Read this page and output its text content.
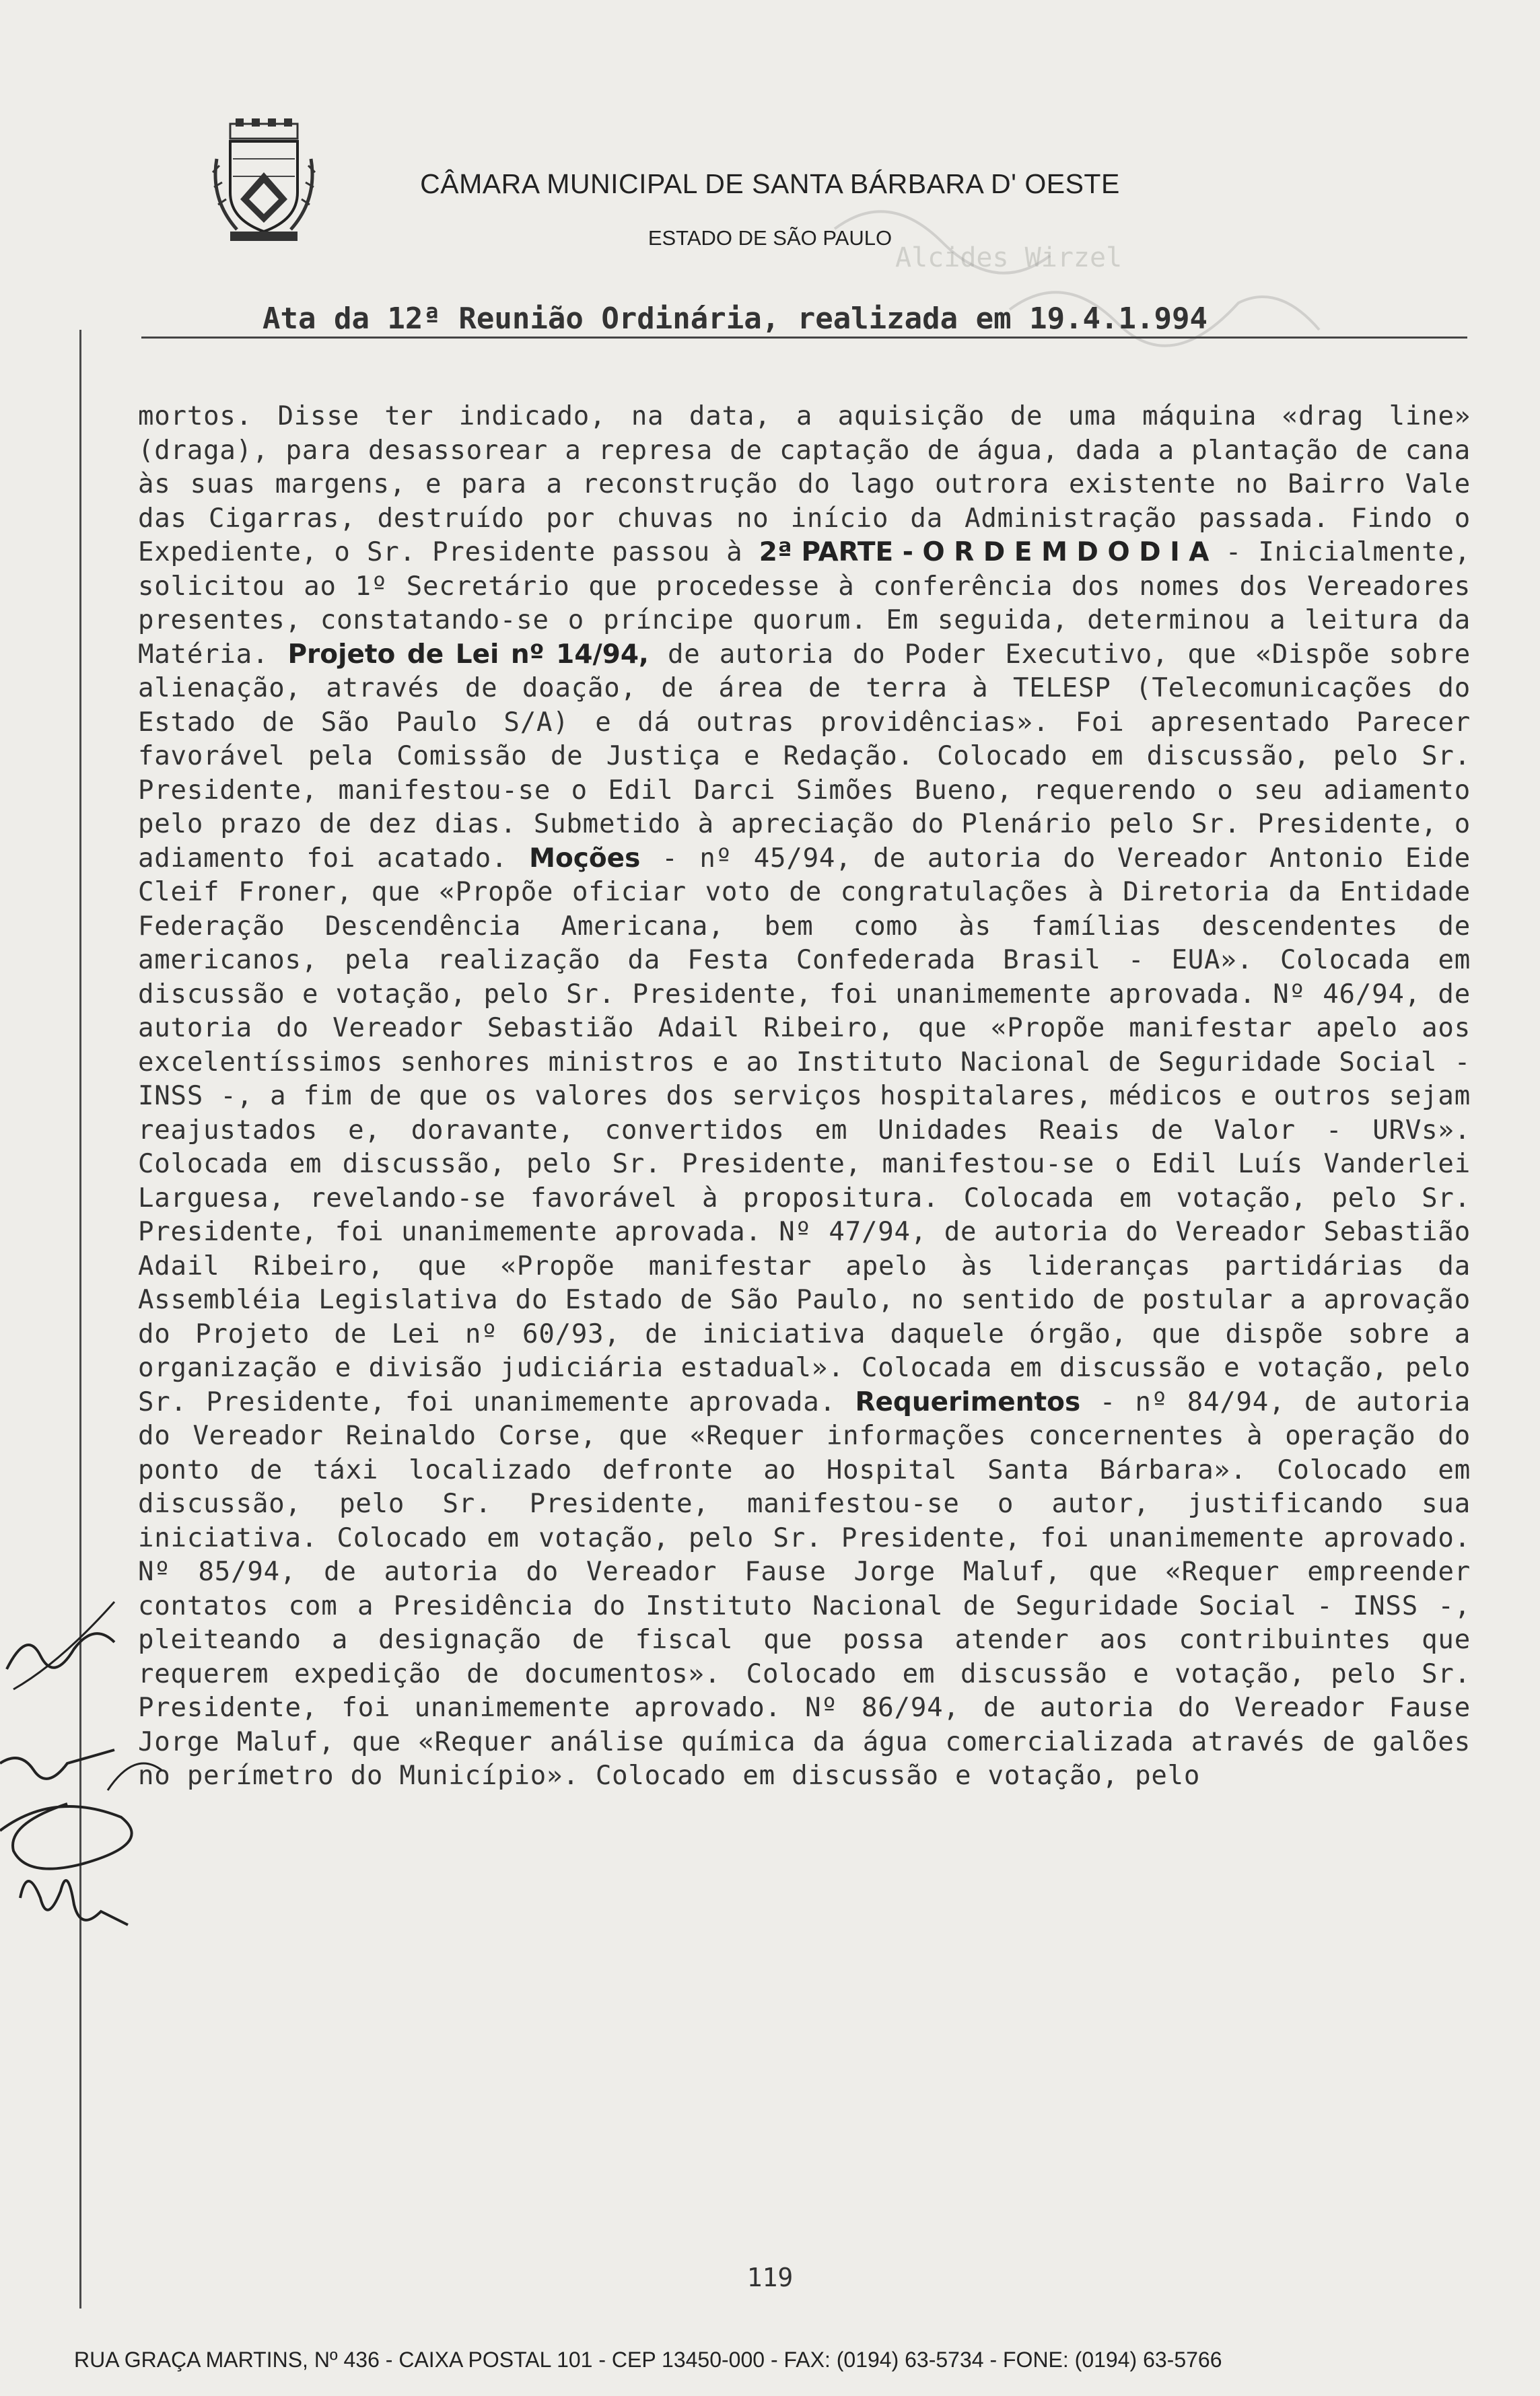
Alcides Wirzel
CÂMARA MUNICIPAL DE SANTA BÁRBARA D' OESTE
ESTADO DE SÃO PAULO
Ata da 12ª Reunião Ordinária, realizada em 19.4.1.994
mortos. Disse ter indicado, na data, a aquisição de uma máquina «drag line» (draga), para desassorear a represa de captação de água, dada a plantação de cana às suas margens, e para a reconstrução do lago outrora existente no Bairro Vale das Cigarras, destruído por chuvas no início da Administração passada. Findo o Expediente, o Sr. Presidente passou à 2ª PARTE - O R D E M D O D I A - Inicialmente, solicitou ao 1º Secretário que procedesse à conferência dos nomes dos Vereadores presentes, constatando-se o príncipe quorum. Em seguida, determinou a leitura da Matéria. Projeto de Lei nº 14/94, de autoria do Poder Executivo, que «Dispõe sobre alienação, através de doação, de área de terra à TELESP (Telecomunicações do Estado de São Paulo S/A) e dá outras providências». Foi apresentado Parecer favorável pela Comissão de Justiça e Redação. Colocado em discussão, pelo Sr. Presidente, manifestou-se o Edil Darci Simões Bueno, requerendo o seu adiamento pelo prazo de dez dias. Submetido à apreciação do Plenário pelo Sr. Presidente, o adiamento foi acatado. Moções - nº 45/94, de autoria do Vereador Antonio Eide Cleif Froner, que «Propõe oficiar voto de congratulações à Diretoria da Entidade Federação Descendência Americana, bem como às famílias descendentes de americanos, pela realização da Festa Confederada Brasil - EUA». Colocada em discussão e votação, pelo Sr. Presidente, foi unanimemente aprovada. Nº 46/94, de autoria do Vereador Sebastião Adail Ribeiro, que «Propõe manifestar apelo aos excelentíssimos senhores ministros e ao Instituto Nacional de Seguridade Social - INSS -, a fim de que os valores dos serviços hospitalares, médicos e outros sejam reajustados e, doravante, convertidos em Unidades Reais de Valor - URVs». Colocada em discussão, pelo Sr. Presidente, manifestou-se o Edil Luís Vanderlei Larguesa, revelando-se favorável à propositura. Colocada em votação, pelo Sr. Presidente, foi unanimemente aprovada. Nº 47/94, de autoria do Vereador Sebastião Adail Ribeiro, que «Propõe manifestar apelo às lideranças partidárias da Assembléia Legislativa do Estado de São Paulo, no sentido de postular a aprovação do Projeto de Lei nº 60/93, de iniciativa daquele órgão, que dispõe sobre a organização e divisão judiciária estadual». Colocada em discussão e votação, pelo Sr. Presidente, foi unanimemente aprovada. Requerimentos - nº 84/94, de autoria do Vereador Reinaldo Corse, que «Requer informações concernentes à operação do ponto de táxi localizado defronte ao Hospital Santa Bárbara». Colocado em discussão, pelo Sr. Presidente, manifestou-se o autor, justificando sua iniciativa. Colocado em votação, pelo Sr. Presidente, foi unanimemente aprovado. Nº 85/94, de autoria do Vereador Fause Jorge Maluf, que «Requer empreender contatos com a Presidência do Instituto Nacional de Seguridade Social - INSS -, pleiteando a designação de fiscal que possa atender aos contribuintes que requerem expedição de documentos». Colocado em discussão e votação, pelo Sr. Presidente, foi unanimemente aprovado. Nº 86/94, de autoria do Vereador Fause Jorge Maluf, que «Requer análise química da água comercializada através de galões no perímetro do Município». Colocado em discussão e votação, pelo
119
RUA GRAÇA MARTINS, Nº 436 - CAIXA POSTAL 101 - CEP 13450-000 - FAX: (0194) 63-5734 - FONE: (0194) 63-5766
